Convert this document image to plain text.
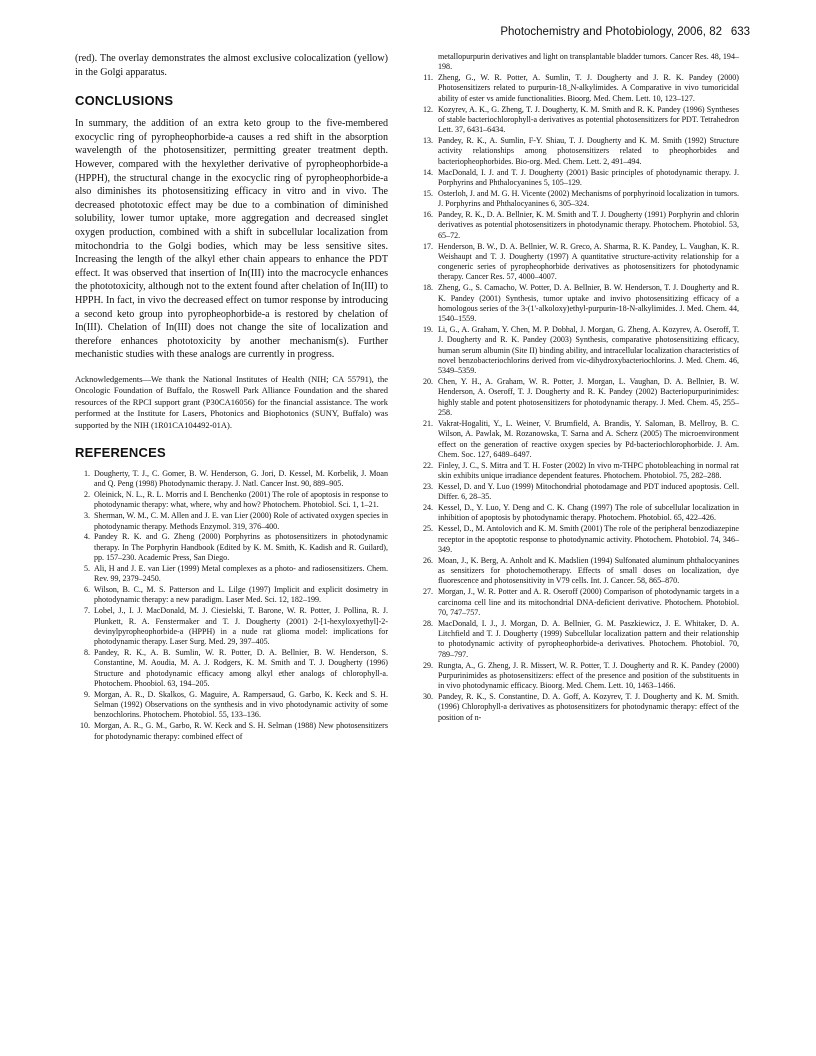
Photochemistry and Photobiology, 2006, 82 633

(red). The overlay demonstrates the almost exclusive colocalization (yellow) in the Golgi apparatus.

CONCLUSIONS

In summary, the addition of an extra keto group to the five-membered exocyclic ring of pyropheophorbide-a causes a red shift in the absorption wavelength of the photosensitizer, permitting greater treatment depth. However, compared with the hexylether derivative of pyropheophorbide-a (HPPH), the structural change in the exocyclic ring of pyropheophorbide-a also diminishes its photosensitizing efficacy in vitro and in vivo. The decreased phototoxic effect may be due to a combination of diminished solubility, lower tumor uptake, more aggregation and decreased singlet oxygen production, combined with a shift in subcellular localization from mitochondria to the Golgi bodies, which may be less sensitive sites. Increasing the length of the alkyl ether chain appears to enhance the PDT effect. It was observed that insertion of In(III) into the macrocycle enhances the phototoxicity, although not to the extent found after chelation of In(III) to HPPH. In fact, in vivo the decreased effect on tumor response by introducing a second keto group into pyropheophorbide-a is restored by chelation of In(III). Chelation of In(III) does not change the site of localization and therefore enhances phototoxicity by another mechanism(s). Further mechanistic studies with these analogs are currently in progress.

Acknowledgements—We thank the National Institutes of Health (NIH; CA 55791), the Oncologic Foundation of Buffalo, the Roswell Park Alliance Foundation and the shared resources of the RPCI support grant (P30CA16056) for the financial assistance. The work performed at the Institute for Lasers, Photonics and Biophotonics (SUNY, Buffalo) was supported by the NIH (1R01CA104492-01A).

REFERENCES
1. Dougherty, T. J., C. Gomer, B. W. Henderson, G. Jori, D. Kessel, M. Korbelik, J. Moan and Q. Peng (1998) Photodynamic therapy. J. Natl. Cancer Inst. 90, 889–905.
2. Oleinick, N. L., R. L. Morris and I. Benchenko (2001) The role of apoptosis in response to photodynamic therapy: what, where, why and how? Photochem. Photobiol. Sci. 1, 1–21.
3. Sherman, W. M., C. M. Allen and J. E. van Lier (2000) Role of activated oxygen species in photodynamic therapy. Methods Enzymol. 319, 376–400.
4. Pandey R. K. and G. Zheng (2000) Porphyrins as photosensitizers in photodynamic therapy. In The Porphyrin Handbook (Edited by K. M. Smith, K. Kadish and R. Guilard), pp. 157–230. Academic Press, San Diego.
5. Ali, H and J. E. van Lier (1999) Metal complexes as a photo- and radiosensitizers. Chem. Rev. 99, 2379–2450.
6. Wilson, B. C., M. S. Patterson and L. Lilge (1997) Implicit and explicit dosimetry in photodynamic therapy: a new paradigm. Laser Med. Sci. 12, 182–199.
7. Lobel, J., I. J. MacDonald, M. J. Ciesielski, T. Barone, W. R. Potter, J. Pollina, R. J. Plunkett, R. A. Fenstermaker and T. J. Dougherty (2001) 2-[1-hexyloxyethyl]-2-devinylpyropheophorbide-a (HPPH) in a nude rat glioma model: implications for photodynamic therapy. Laser Surg. Med. 29, 397–405.
8. Pandey, R. K., A. B. Sumlin, W. R. Potter, D. A. Bellnier, B. W. Henderson, S. Constantine, M. Aoudia, M. A. J. Rodgers, K. M. Smith and T. J. Dougherty (1996) Structure and photodynamic efficacy among alkyl ether analogs of chlorophyll-a. Photochem. Phoobiol. 63, 194–205.
9. Morgan, A. R., D. Skalkos, G. Maguire, A. Rampersaud, G. Garbo, K. Keck and S. H. Selman (1992) Observations on the synthesis and in vivo photodynamic activity of some benzochlorins. Photochem. Photobiol. 55, 133–136.
10. Morgan, A. R., G. M., Garbo, R. W. Keck and S. H. Selman (1988) New photosensitizers for photodynamic therapy: combined effect of
metallopurpurin derivatives and light on transplantable bladder tumors. Cancer Res. 48, 194–198.
11. Zheng, G., W. R. Potter, A. Sumlin, T. J. Dougherty and J. R. K. Pandey (2000) Photosensitizers related to purpurin-18_N-alkylimides. A Comparative in vivo tumoricidal ability of ester vs amide functionalities. Bioorg. Med. Chem. Lett. 10, 123–127.
12. Kozyrev, A. K., G. Zheng, T. J. Dougherty, K. M. Smith and R. K. Pandey (1996) Syntheses of stable bacteriochlorophyll-a derivatives as potential photosensitizers for PDT. Tetrahedron Lett. 37, 6431–6434.
13. Pandey, R. K., A. Sumlin, F-Y. Shiau, T. J. Dougherty and K. M. Smith (1992) Structure activity relationships among photosensitizers related to pheophorbides and bacteriopheophorbides. Bio-org. Med. Chem. Lett. 2, 491–494.
14. MacDonald, I. J. and T. J. Dougherty (2001) Basic principles of photodynamic therapy. J. Porphyrins and Phthalocyanines 5, 105–129.
15. Osterloh, J. and M. G. H. Vicente (2002) Mechanisms of porphyrinoid localization in tumors. J. Porphyrins and Phthalocyanines 6, 305–324.
16. Pandey, R. K., D. A. Bellnier, K. M. Smith and T. J. Dougherty (1991) Porphyrin and chlorin derivatives as potential photosensitizers in photodynamic therapy. Photochem. Photobiol. 53, 65–72.
17. Henderson, B. W., D. A. Bellnier, W. R. Greco, A. Sharma, R. K. Pandey, L. Vaughan, K. R. Weishaupt and T. J. Dougherty (1997) A quantitative structure-activity relationship for a congeneric series of pyropheophorbide derivatives as photosensitizers for photodynamic therapy. Cancer Res. 57, 4000–4007.
18. Zheng, G., S. Camacho, W. Potter, D. A. Bellnier, B. W. Henderson, T. J. Dougherty and R. K. Pandey (2001) Synthesis, tumor uptake and invivo photosensitizing efficacy of a homologous series of the 3-(1'-alkoloxy)ethyl-purpurin-18-N-alkylimides. J. Med. Chem. 44, 1540–1559.
19. Li, G., A. Graham, Y. Chen, M. P. Dobhal, J. Morgan, G. Zheng, A. Kozyrev, A. Oseroff, T. J. Dougherty and R. K. Pandey (2003) Synthesis, comparative photosensitizing efficacy, human serum albumin (Site II) binding ability, and intracellular localization characteristics of novel benzobacteriochlorins derived from vic-dihydroxybacteriochlorins. J. Med. Chem. 46, 5349–5359.
20. Chen, Y. H., A. Graham, W. R. Potter, J. Morgan, L. Vaughan, D. A. Bellnier, B. W. Henderson, A. Oseroff, T. J. Dougherty and R. K. Pandey (2002) Bacteriopurpurinimides: highly stable and potent photosensitizers for photodynamic therapy. J. Med. Chem. 45, 255–258.
21. Vakrat-Hogaliti, Y., L. Weiner, V. Brumfield, A. Brandis, Y. Saloman, B. Mellroy, B. C. Wilson, A. Pawlak, M. Rozanowska, T. Sarna and A. Scherz (2005) The microenvironment effect on the generation of reactive oxygen species by Pd-bacteriochlorophorbide. J. Am. Chem. Soc. 127, 6489–6497.
22. Finley, J. C., S. Mitra and T. H. Foster (2002) In vivo m-THPC photobleaching in normal rat skin exhibits unique irradiance dependent features. Photochem. Photobiol. 75, 282–288.
23. Kessel, D. and Y. Luo (1999) Mitochondrial photodamage and PDT induced apoptosis. Cell. Differ. 6, 28–35.
24. Kessel, D., Y. Luo, Y. Deng and C. K. Chang (1997) The role of subcellular localization in inhibition of apoptosis by photodynamic therapy. Photochem. Photobiol. 65, 422–426.
25. Kessel, D., M. Antolovich and K. M. Smith (2001) The role of the peripheral benzodiazepine receptor in the apoptotic response to photodynamic activity. Photochem. Photobiol. 74, 346–349.
26. Moan, J., K. Berg, A. Anholt and K. Madslien (1994) Sulfonated aluminum phthalocyanines as sensitizers for photochemotherapy. Effects of small doses on localization, dye fluorescence and photosensitivity in V79 cells. Int. J. Cancer. 58, 865–870.
27. Morgan, J., W. R. Potter and A. R. Oseroff (2000) Comparison of photodynamic targets in a carcinoma cell line and its mitochondrial DNA-deficient derivative. Photochem. Photobiol. 70, 747–757.
28. MacDonald, I. J., J. Morgan, D. A. Bellnier, G. M. Paszkiewicz, J. E. Whitaker, D. A. Litchfield and T. J. Dougherty (1999) Subcellular localization pattern and their relationship to photodynamic activity of pyropheophorbide-a derivatives. Photochem. Photobiol. 70, 789–797.
29. Rungta, A., G. Zheng, J. R. Missert, W. R. Potter, T. J. Dougherty and R. K. Pandey (2000) Purpurinimides as photosensitizers: effect of the presence and position of the substituents in in vivo photodynamic efficacy. Bioorg. Med. Chem. Lett. 10, 1463–1466.
30. Pandey, R. K., S. Constantine, D. A. Goff, A. Kozyrev, T. J. Dougherty and K. M. Smith. (1996) Chlorophyll-a derivatives as photosensitizers for photodynamic therapy: effect of the position of n-
